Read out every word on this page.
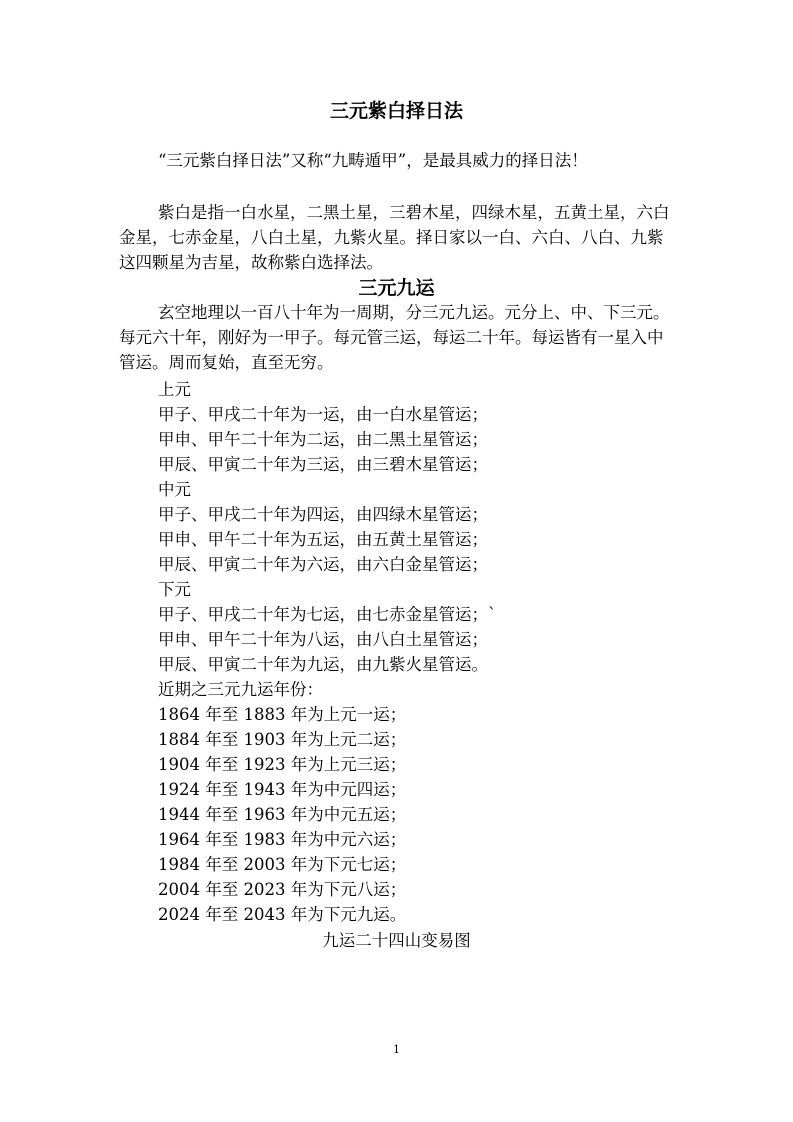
三元紫白择日法
“三元紫白择日法”又称“九畴遁甲”，是最具威力的择日法！
紫白是指一白水星，二黑土星，三碧木星，四绿木星，五黄土星，六白金星，七赤金星，八白土星，九紫火星。择日家以一白、六白、八白、九紫这四颗星为吉星，故称紫白选择法。
三元九运
玄空地理以一百八十年为一周期，分三元九运。元分上、中、下三元。每元六十年，刚好为一甲子。每元管三运，每运二十年。每运皆有一星入中管运。周而复始，直至无穷。
上元
甲子、甲戌二十年为一运，由一白水星管运；
甲申、甲午二十年为二运，由二黑土星管运；
甲辰、甲寅二十年为三运，由三碧木星管运；
中元
甲子、甲戌二十年为四运，由四绿木星管运；
甲申、甲午二十年为五运，由五黄土星管运；
甲辰、甲寅二十年为六运，由六白金星管运；
下元
甲子、甲戌二十年为七运，由七赤金星管运；`
甲申、甲午二十年为八运，由八白土星管运；
甲辰、甲寅二十年为九运，由九紫火星管运。
近期之三元九运年份：
1864 年至 1883 年为上元一运；
1884 年至 1903 年为上元二运；
1904 年至 1923 年为上元三运；
1924 年至 1943 年为中元四运；
1944 年至 1963 年为中元五运；
1964 年至 1983 年为中元六运；
1984 年至 2003 年为下元七运；
2004 年至 2023 年为下元八运；
2024 年至 2043 年为下元九运。
九运二十四山变易图
1
